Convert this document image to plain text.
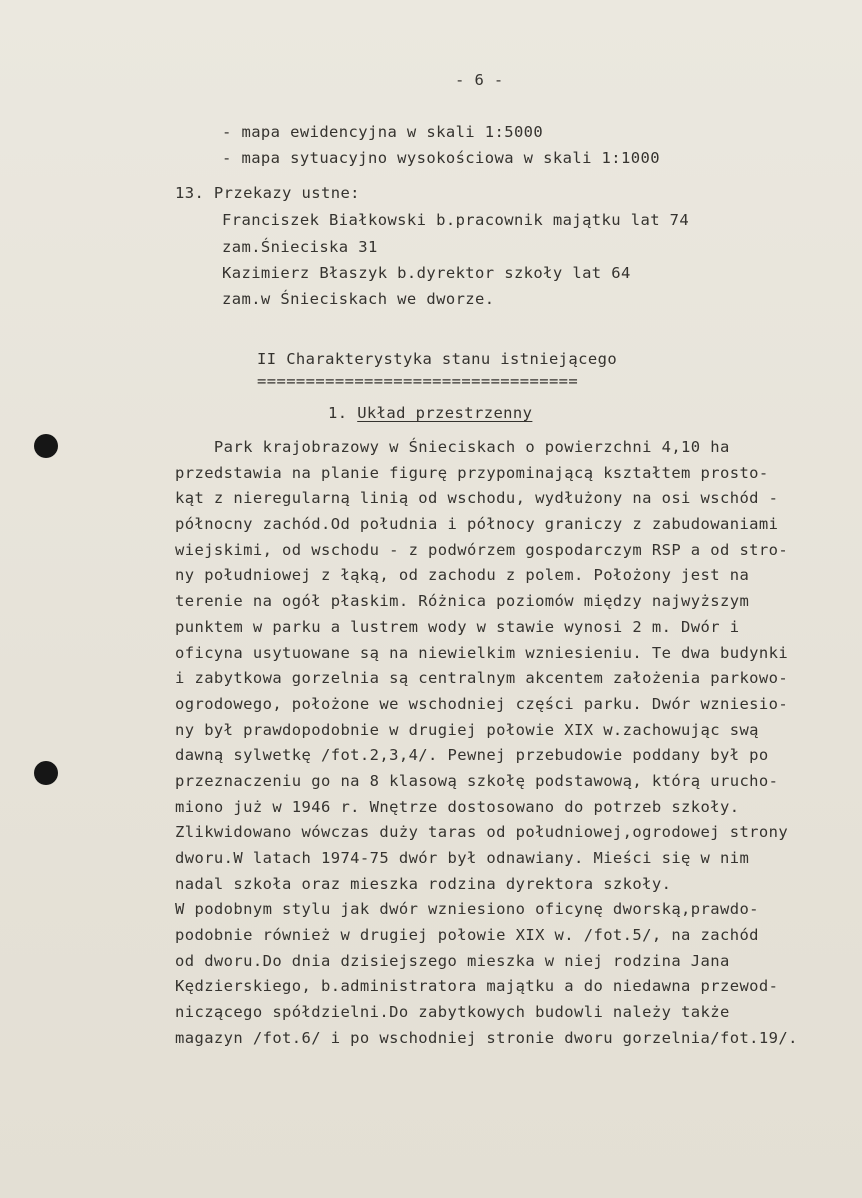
- 6 -

- mapa ewidencyjna w skali 1:5000

- mapa sytuacyjno wysokościowa w skali 1:1000

13. Przekazy ustne:

Franciszek Białkowski b.pracownik majątku lat 74

zam.Śnieciska 31

Kazimierz Błaszyk b.dyrektor szkoły lat 64

zam.w Śnieciskach we dworze.

II Charakterystyka stanu istniejącego

=================================

1. Układ przestrzenny

Park krajobrazowy w Śnieciskach o powierzchni 4,10 ha
przedstawia na planie figurę przypominającą kształtem prosto-
kąt z nieregularną linią od wschodu, wydłużony na osi wschód -
północny zachód.Od południa i północy graniczy z zabudowaniami
wiejskimi, od wschodu - z podwórzem gospodarczym RSP a od stro-
ny południowej z łąką, od zachodu z polem. Położony jest na
terenie na ogół płaskim. Różnica poziomów między najwyższym
punktem w parku a lustrem wody w stawie wynosi 2 m. Dwór i
oficyna usytuowane są na niewielkim wzniesieniu. Te dwa budynki
i zabytkowa gorzelnia są centralnym akcentem założenia parkowo-
ogrodowego, położone we wschodniej części parku. Dwór wzniesio-
ny był prawdopodobnie w drugiej połowie XIX w.zachowując swą
dawną sylwetkę /fot.2,3,4/. Pewnej przebudowie poddany był po
przeznaczeniu go na 8 klasową szkołę podstawową, którą urucho-
miono już w 1946 r. Wnętrze dostosowano do potrzeb szkoły.
Zlikwidowano wówczas duży taras od południowej,ogrodowej strony
dworu.W latach 1974-75 dwór był odnawiany. Mieści się w nim
nadal szkoła oraz mieszka rodzina dyrektora szkoły.
W podobnym stylu jak dwór wzniesiono oficynę dworską,prawdo-
podobnie również w drugiej połowie XIX w. /fot.5/, na zachód
od dworu.Do dnia dzisiejszego mieszka w niej rodzina Jana
Kędzierskiego, b.administratora majątku a do niedawna przewod-
niczącego spółdzielni.Do zabytkowych budowli należy także
magazyn /fot.6/ i po wschodniej stronie dworu gorzelnia/fot.19/.
